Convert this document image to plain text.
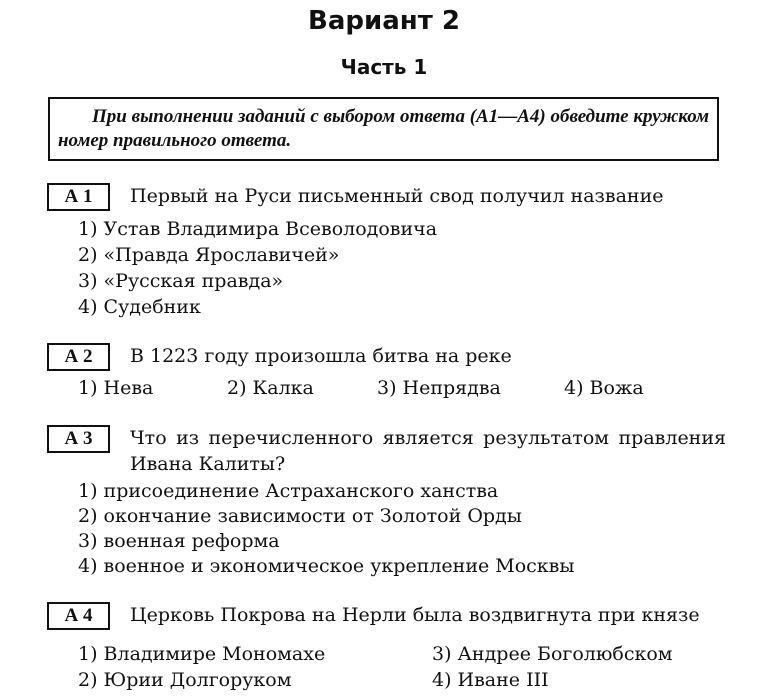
Вариант 2
Часть 1
При выполнении заданий с выбором ответа (А1—А4) обведите кружком номер правильного ответа.
А 1	Первый на Руси письменный свод получил название
1) Устав Владимира Всеволодовича
2) «Правда Ярославичей»
3) «Русская правда»
4) Судебник
А 2	В 1223 году произошла битва на реке
1) Нева	2) Калка	3) Непрядва	4) Вожа
А 3	Что из перечисленного является результатом правления
Ивана Калиты?
1) присоединение Астраханского ханства
2) окончание зависимости от Золотой Орды
3) военная реформа
4) военное и экономическое укрепление Москвы
А 4	Церковь Покрова на Нерли была воздвигнута при князе
1) Владимире Мономахе
2) Юрии Долгоруком
3) Андрее Боголюбском
4) Иване III
